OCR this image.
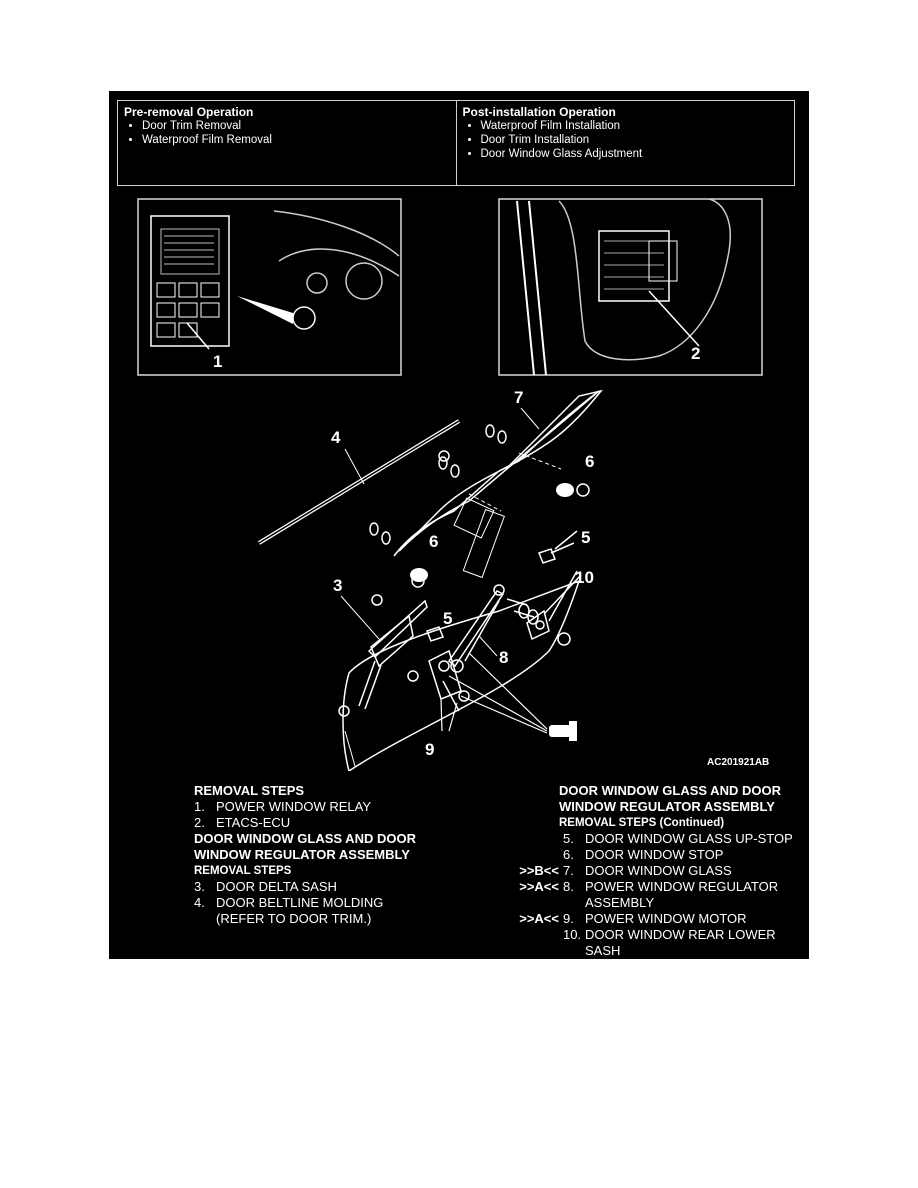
Pre-removal Operation
• Door Trim Removal
• Waterproof Film Removal
Post-installation Operation
• Waterproof Film Installation
• Door Trim Installation
• Door Window Glass Adjustment
1	2
4
7
6
6	5
5
3
8
10
9
AC201921AB
REMOVAL STEPS
1. POWER WINDOW RELAY
2. ETACS-ECU
DOOR WINDOW GLASS AND DOOR
WINDOW REGULATOR ASSEMBLY
REMOVAL STEPS
3. DOOR DELTA SASH
4. DOOR BELTLINE MOLDING
(REFER TO DOOR TRIM.)
DOOR WINDOW GLASS AND DOOR
WINDOW REGULATOR ASSEMBLY
REMOVAL STEPS (Continued)
5. DOOR WINDOW GLASS UP-STOP
6. DOOR WINDOW STOP
>>B<< 7. DOOR WINDOW GLASS
>>A<< 8. POWER WINDOW REGULATOR
ASSEMBLY
>>A<< 9. POWER WINDOW MOTOR
10. DOOR WINDOW REAR LOWER
SASH
